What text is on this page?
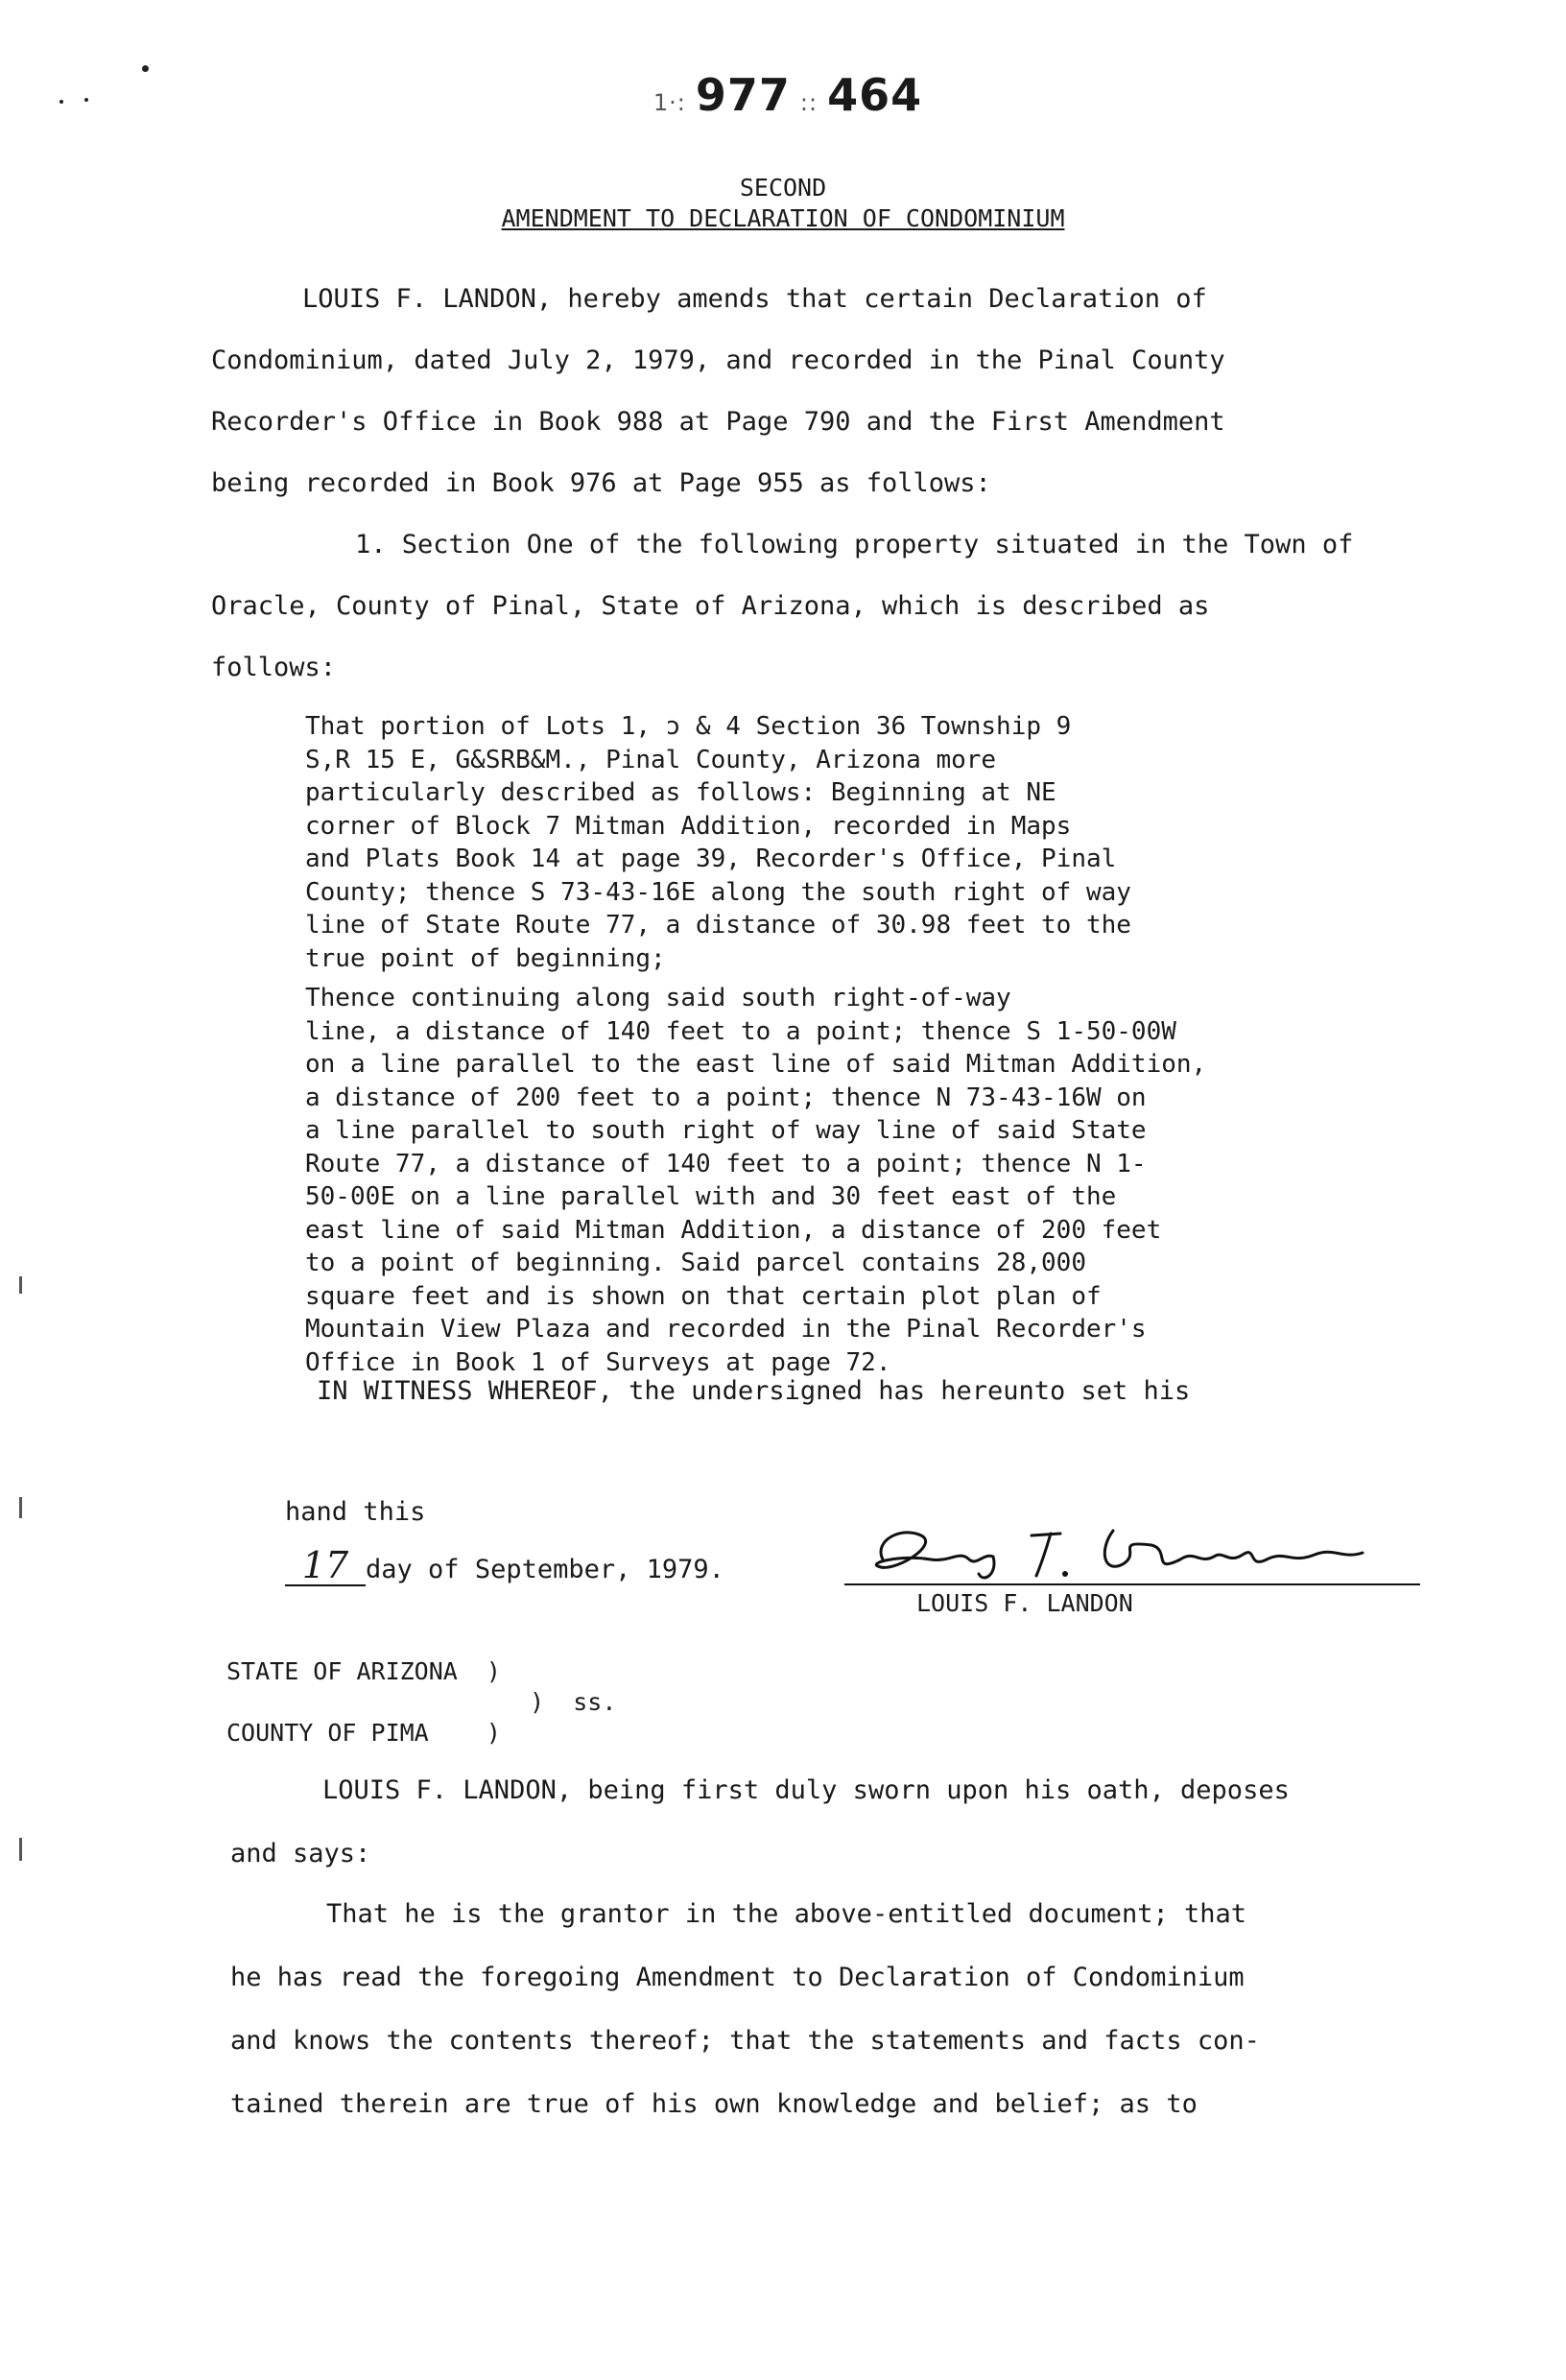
1·: 977 :: 464
SECOND
AMENDMENT TO DECLARATION OF CONDOMINIUM
LOUIS F. LANDON, hereby amends that certain Declaration of
Condominium, dated July 2, 1979, and recorded in the Pinal County
Recorder's Office in Book 988 at Page 790 and the First Amendment
being recorded in Book 976 at Page 955 as follows:
1. Section One of the following property situated in the Town of
Oracle, County of Pinal, State of Arizona, which is described as
follows:
That portion of Lots 1, ɔ & 4 Section 36 Township 9
S,R 15 E, G&SRB&M., Pinal County, Arizona more
particularly described as follows: Beginning at NE
corner of Block 7 Mitman Addition, recorded in Maps
and Plats Book 14 at page 39, Recorder's Office, Pinal
County; thence S 73-43-16E along the south right of way
line of State Route 77, a distance of 30.98 feet to the
true point of beginning;
Thence continuing along said south right-of-way
line, a distance of 140 feet to a point; thence S 1-50-00W
on a line parallel to the east line of said Mitman Addition,
a distance of 200 feet to a point; thence N 73-43-16W on
a line parallel to south right of way line of said State
Route 77, a distance of 140 feet to a point; thence N 1-
50-00E on a line parallel with and 30 feet east of the
east line of said Mitman Addition, a distance of 200 feet
to a point of beginning. Said parcel contains 28,000
square feet and is shown on that certain plot plan of
Mountain View Plaza and recorded in the Pinal Recorder's
Office in Book 1 of Surveys at page 72.
IN WITNESS WHEREOF, the undersigned has hereunto set his

hand this
17 day of September, 1979.

LOUIS F. LANDON
STATE OF ARIZONA  )
)  ss.
COUNTY OF PIMA    )
LOUIS F. LANDON, being first duly sworn upon his oath, deposes
and says:
That he is the grantor in the above-entitled document; that
he has read the foregoing Amendment to Declaration of Condominium
and knows the contents thereof; that the statements and facts con-
tained therein are true of his own knowledge and belief; as to
